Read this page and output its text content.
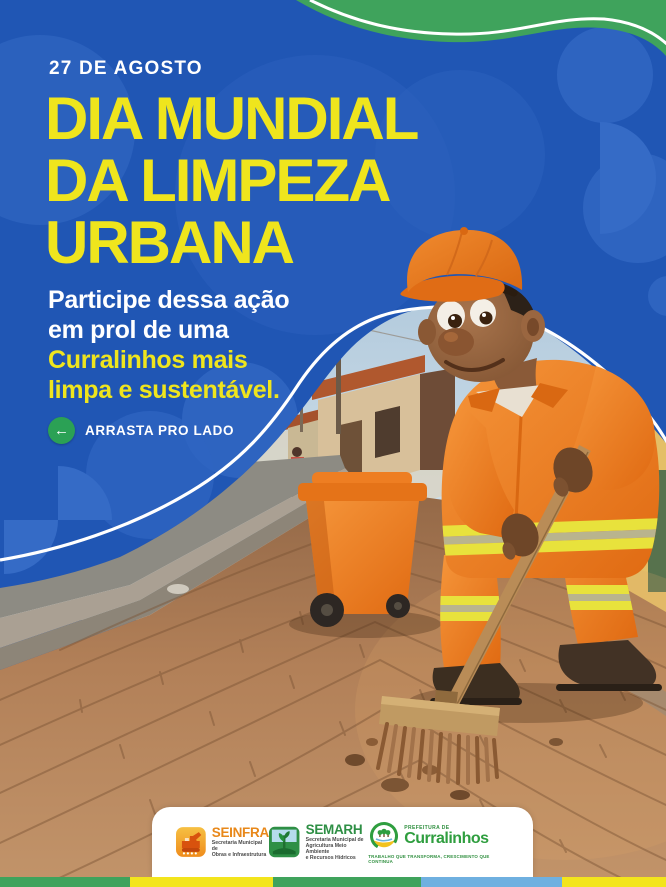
27 DE AGOSTO
DIA MUNDIAL
DA LIMPEZA
URBANA
Participe dessa ação
em prol de uma
Curralinhos mais
limpa e sustentável.
←	ARRASTA PRO LADO
SEINFRA
Secretaria Municipal de
Obras e Infraestrutura
SEMARH
Secretaria Municipal de
Agricultura Meio Ambiente
e Recursos Hídricos
PREFEITURA DE
Curralinhos
TRABALHO QUE TRANSFORMA, CRESCIMENTO QUE CONTINUA
